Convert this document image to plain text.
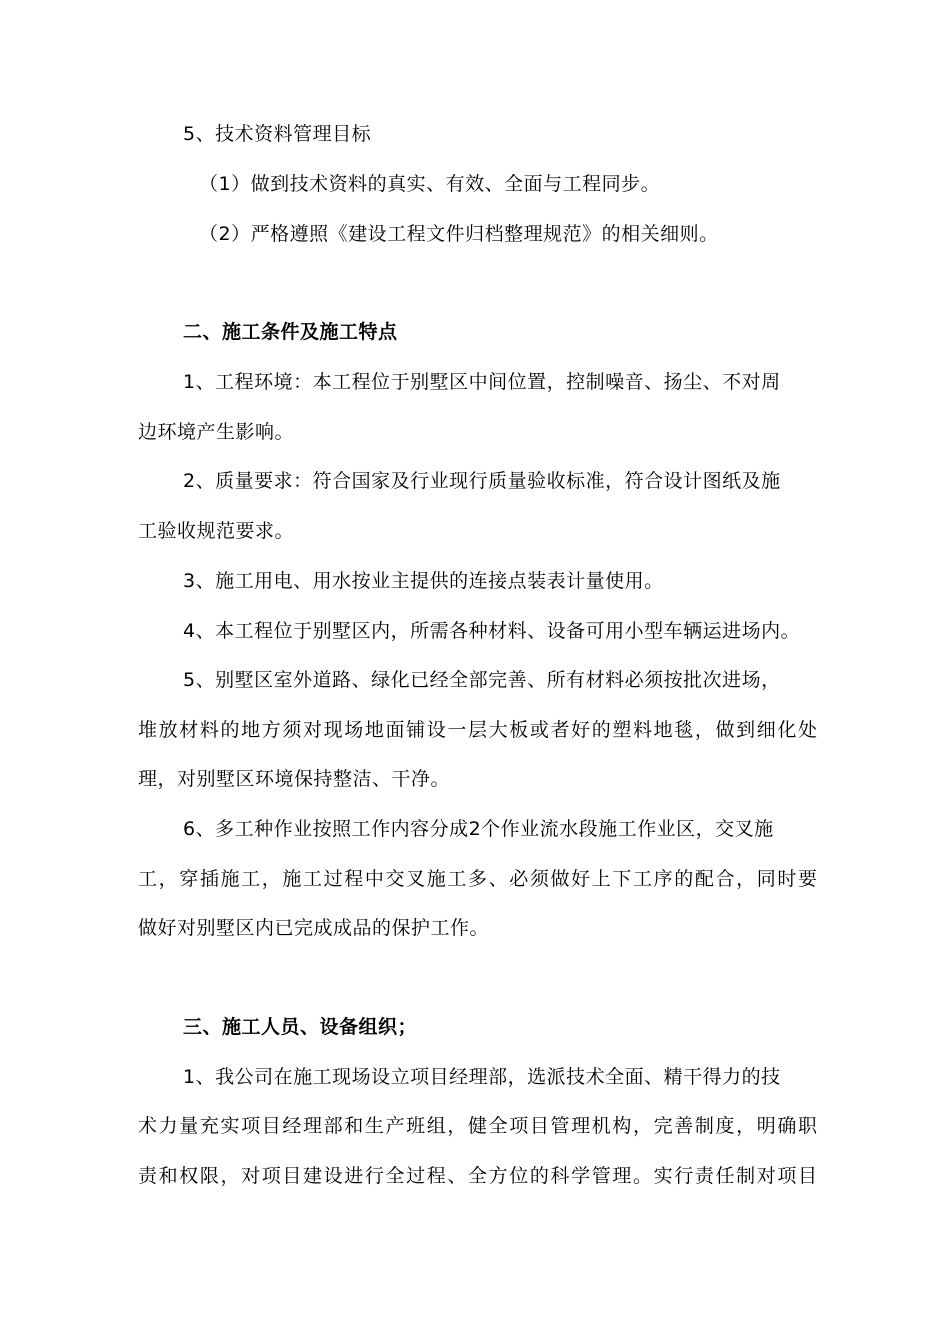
5、技术资料管理目标
（1）做到技术资料的真实、有效、全面与工程同步。
（2）严格遵照《建设工程文件归档整理规范》的相关细则。
二、施工条件及施工特点
1、工程环境：本工程位于别墅区中间位置，控制噪音、扬尘、不对周
边环境产生影响。
2、质量要求：符合国家及行业现行质量验收标准，符合设计图纸及施
工验收规范要求。
3、施工用电、用水按业主提供的连接点装表计量使用。
4、本工程位于别墅区内，所需各种材料、设备可用小型车辆运进场内。
5、别墅区室外道路、绿化已经全部完善、所有材料必须按批次进场，
堆放材料的地方须对现场地面铺设一层大板或者好的塑料地毯，做到细化处
理，对别墅区环境保持整洁、干净。
6、多工种作业按照工作内容分成2个作业流水段施工作业区，交叉施
工，穿插施工，施工过程中交叉施工多、必须做好上下工序的配合，同时要
做好对别墅区内已完成成品的保护工作。
三、施工人员、设备组织；
1、我公司在施工现场设立项目经理部，选派技术全面、精干得力的技
术力量充实项目经理部和生产班组，健全项目管理机构，完善制度，明确职
责和权限，对项目建设进行全过程、全方位的科学管理。实行责任制对项目
